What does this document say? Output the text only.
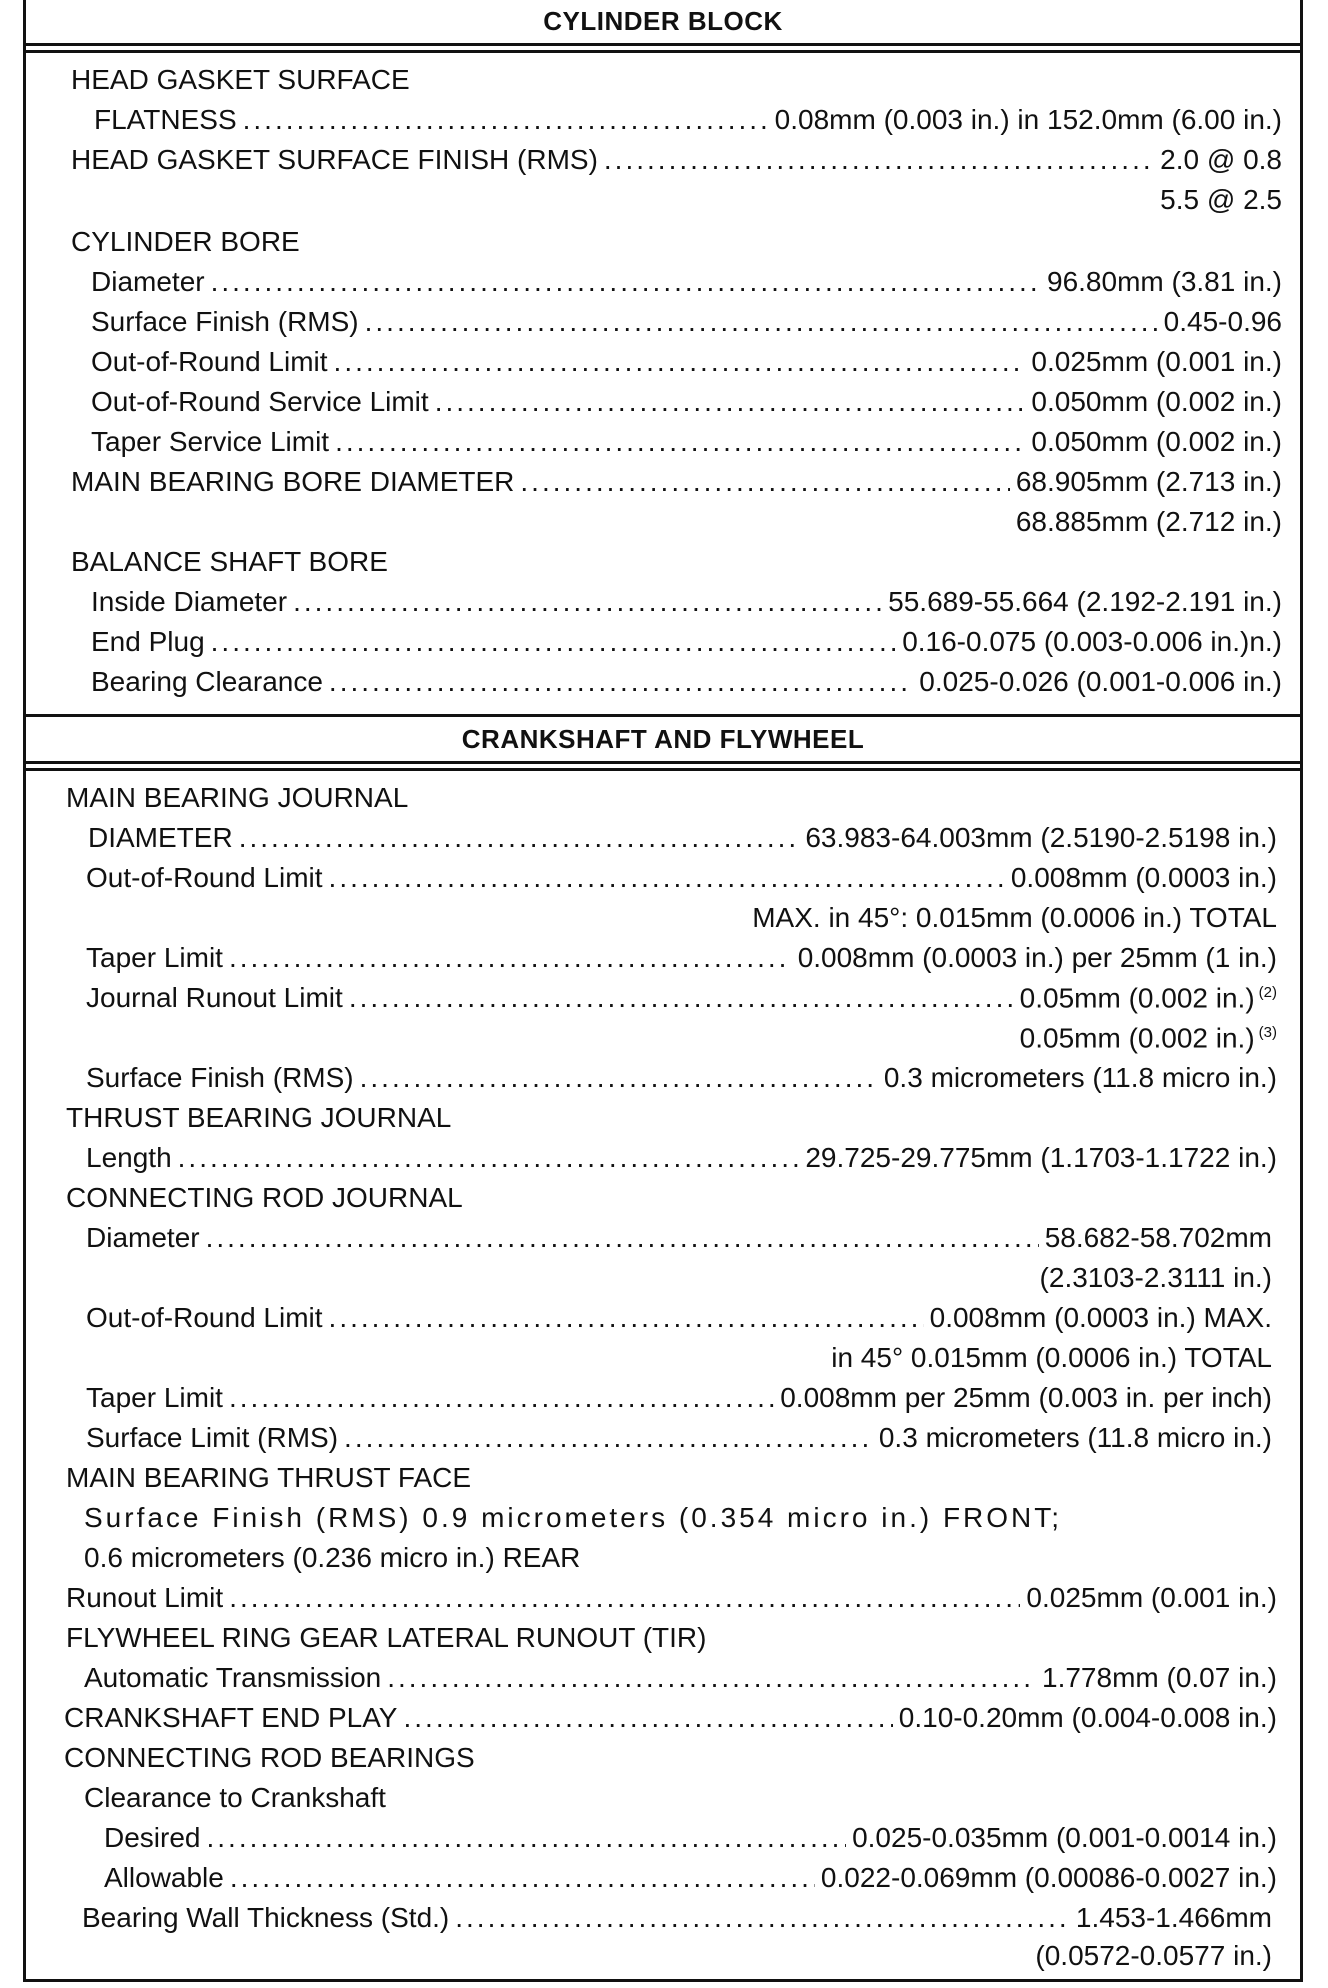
CYLINDER BLOCK
HEAD GASKET SURFACE
FLATNESS .....	0.08mm (0.003 in.) in 152.0mm (6.00 in.)
HEAD GASKET SURFACE FINISH (RMS) .....	2.0 @ 0.8
5.5 @ 2.5
CYLINDER BORE
Diameter .....	96.80mm (3.81 in.)
Surface Finish (RMS) .....	0.45-0.96
Out-of-Round Limit .....	0.025mm (0.001 in.)
Out-of-Round Service Limit .....	0.050mm (0.002 in.)
Taper Service Limit .....	0.050mm (0.002 in.)
MAIN BEARING BORE DIAMETER .....	68.905mm (2.713 in.)
68.885mm (2.712 in.)
BALANCE SHAFT BORE
Inside Diameter .....	55.689-55.664 (2.192-2.191 in.)
End Plug .....	0.16-0.075 (0.003-0.006 in.)n.)
Bearing Clearance .....	0.025-0.026 (0.001-0.006 in.)
CRANKSHAFT AND FLYWHEEL
MAIN BEARING JOURNAL
DIAMETER .....	63.983-64.003mm (2.5190-2.5198 in.)
Out-of-Round Limit .....	0.008mm (0.0003 in.)
MAX. in 45°: 0.015mm (0.0006 in.) TOTAL
Taper Limit .....	0.008mm (0.0003 in.) per 25mm (1 in.)
Journal Runout Limit .....	0.05mm (0.002 in.) $^{(2)}$
0.05mm (0.002 in.) $^{(3)}$
Surface Finish (RMS) .....	0.3 micrometers (11.8 micro in.)
THRUST BEARING JOURNAL
Length .....	29.725-29.775mm (1.1703-1.1722 in.)
CONNECTING ROD JOURNAL
Diameter .....	58.682-58.702mm
(2.3103-2.3111 in.)
Out-of-Round Limit .....	0.008mm (0.0003 in.) MAX.
in 45° 0.015mm (0.0006 in.) TOTAL
Taper Limit .....	0.008mm per 25mm (0.003 in. per inch)
Surface Limit (RMS) .....	0.3 micrometers (11.8 micro in.)
MAIN BEARING THRUST FACE
Surface Finish (RMS) 0.9 micrometers (0.354 micro in.) FRONT;
0.6 micrometers (0.236 micro in.) REAR
Runout Limit .....	0.025mm (0.001 in.)
FLYWHEEL RING GEAR LATERAL RUNOUT (TIR)
Automatic Transmission .....	1.778mm (0.07 in.)
CRANKSHAFT END PLAY .....	0.10-0.20mm (0.004-0.008 in.)
CONNECTING ROD BEARINGS
Clearance to Crankshaft
Desired .....	0.025-0.035mm (0.001-0.0014 in.)
Allowable .....	0.022-0.069mm (0.00086-0.0027 in.)
Bearing Wall Thickness (Std.) .....	1.453-1.466mm
(0.0572-0.0577 in.)
